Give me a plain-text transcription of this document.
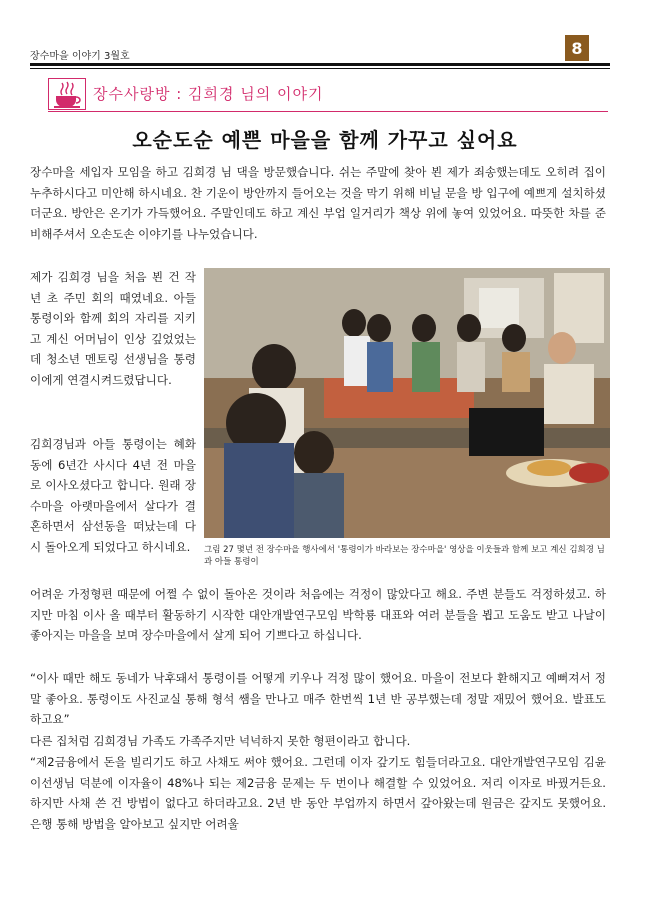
장수마을 이야기 3월호	8
장수사랑방 : 김희경 님의 이야기
오순도순 예쁜 마을을 함께 가꾸고 싶어요

장수마을 세입자 모임을 하고 김희경 님 댁을 방문했습니다. 쉬는 주말에 찾아 뵌 제가 죄송했는데도 오히려 집이 누추하시다고 미안해 하시네요. 찬 기운이 방안까지 들어오는 것을 막기 위해 비닐 문을 방 입구에 예쁘게 설치하셨더군요. 방안은 온기가 가득했어요. 주말인데도 하고 계신 부업 일거리가 책상 위에 놓여 있었어요. 따뜻한 차를 준비해주셔서 오손도손 이야기를 나누었습니다.

제가 김희경 님을 처음 뵌 건 작년 초 주민 회의 때였네요. 아들 통령이와 함께 회의 자리를 지키고 계신 어머님이 인상 깊었었는데 청소년 멘토링 선생님을 통령이에게 연결시켜드렸답니다.

김희경님과 아들 통령이는 혜화동에 6년간 사시다 4년 전 마을로 이사오셨다고 합니다. 원래 장수마을 아랫마을에서 살다가 결혼하면서 삼선동을 떠났는데 다시 돌아오게 되었다고 하시네요.	그림 27 몇년 전 장수마을 행사에서 '통령이가 바라보는 장수마을' 영상을 이웃들과 함께 보고 계신 김희경 님과 아들 통령이

어려운 가정형편 때문에 어쩔 수 없이 돌아온 것이라 처음에는 걱정이 많았다고 해요. 주변 분들도 걱정하셨고. 하지만 마침 이사 올 때부터 활동하기 시작한 대안개발연구모임 박학룡 대표와 여러 분들을 뵙고 도움도 받고 나날이 좋아지는 마을을 보며 장수마을에서 살게 되어 기쁘다고 하십니다.

“이사 때만 해도 동네가 낙후돼서 통령이를 어떻게 키우나 걱정 많이 했어요. 마을이 전보다 환해지고 예뻐져서 정말 좋아요. 통령이도 사진교실 통해 형석 쌤을 만나고 매주 한번씩 1년 반 공부했는데 정말 재밌어 했어요. 발표도 하고요”

다른 집처럼 김희경님 가족도 가족주지만 넉넉하지 못한 형편이라고 합니다.

“제2금융에서 돈을 빌리기도 하고 사채도 써야 했어요. 그런데 이자 갚기도 힘들더라고요. 대안개발연구모임 김윤이선생님 덕분에 이자율이 48%나 되는 제2금융 문제는 두 번이나 해결할 수 있었어요. 저리 이자로 바꿨거든요. 하지만 사채 쓴 건 방법이 없다고 하더라고요. 2년 반 동안 부업까지 하면서 갚아왔는데 원금은 갚지도 못했어요. 은행 통해 방법을 알아보고 싶지만 어려울
